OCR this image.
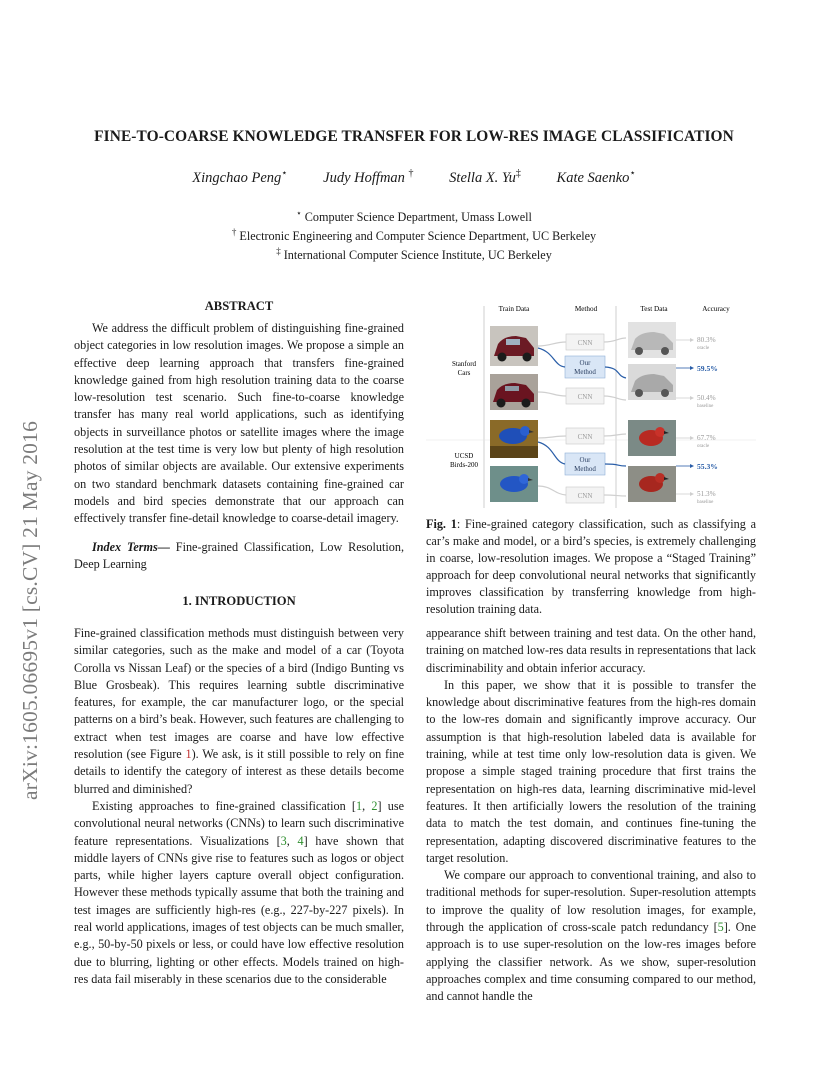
arXiv:1605.06695v1 [cs.CV] 21 May 2016
FINE-TO-COARSE KNOWLEDGE TRANSFER FOR LOW-RES IMAGE CLASSIFICATION
Xingchao Peng⋆ Judy Hoffman † Stella X. Yu‡ Kate Saenko⋆
⋆ Computer Science Department, Umass Lowell
† Electronic Engineering and Computer Science Department, UC Berkeley
‡ International Computer Science Institute, UC Berkeley
ABSTRACT

We address the difficult problem of distinguishing fine-grained object categories in low resolution images. We propose a simple an effective deep learning approach that transfers fine-grained knowledge gained from high resolution training data to the coarse low-resolution test scenario. Such fine-to-coarse knowledge transfer has many real world applications, such as identifying objects in surveillance photos or satellite images where the image resolution at the test time is very low but plenty of high resolution photos of similar objects are available. Our extensive experiments on two standard benchmark datasets containing fine-grained car models and bird species demonstrate that our approach can effectively transfer fine-detail knowledge to coarse-detail imagery.

Index Terms— Fine-grained Classification, Low Resolution, Deep Learning
1. INTRODUCTION

Fine-grained classification methods must distinguish between very similar categories, such as the make and model of a car (Toyota Corolla vs Nissan Leaf) or the species of a bird (Indigo Bunting vs Blue Grosbeak). This requires learning subtle discriminative features, for example, the car manufacturer logo, or the special patterns on a bird’s beak. However, such features are challenging to extract when test images are coarse and have low effective resolution (see Figure 1). We ask, is it still possible to rely on fine details to identify the category of interest as these details become blurred and diminished?

Existing approaches to fine-grained classification [1, 2] use convolutional neural networks (CNNs) to learn such discriminative feature representations. Visualizations [3, 4] have shown that middle layers of CNNs give rise to features such as logos or object parts, while higher layers capture overall object configuration. However these methods typically assume that both the training and test images are sufficiently high-res (e.g., 227-by-227 pixels). In real world applications, images of test objects can be much smaller, e.g., 50-by-50 pixels or less, or could have low effective resolution due to blurring, lighting or other effects. Models trained on high-res data fail miserably in these scenarios due to the considerable

Train Data	Method	Test Data	Accuracy
Stanford
Cars
UCSD
Birds-200
CNN
Our
Method
CNN
CNN
Our
Method
CNN
80.3%
oracle
59.5%
50.4%
baseline
67.7%
oracle
55.3%
51.3%
baseline
Fig. 1: Fine-grained category classification, such as classifying a car’s make and model, or a bird’s species, is extremely challenging in coarse, low-resolution images. We propose a “Staged Training” approach for deep convolutional neural networks that significantly improves classification by transferring knowledge from high-resolution training data.

appearance shift between training and test data. On the other hand, training on matched low-res data results in representations that lack discriminability and obtain inferior accuracy.

In this paper, we show that it is possible to transfer the knowledge about discriminative features from the high-res domain to the low-res domain and significantly improve accuracy. Our assumption is that high-resolution labeled data is available for training, while at test time only low-resolution data is given. We propose a simple staged training procedure that first trains the representation on high-res data, learning discriminative mid-level features. It then artificially lowers the resolution of the training data to match the test domain, and continues fine-tuning the representation, adapting discovered discriminative features to the target resolution.

We compare our approach to conventional training, and also to traditional methods for super-resolution. Super-resolution attempts to improve the quality of low resolution images, for example, through the application of cross-scale patch redundancy [5]. One approach is to use super-resolution on the low-res images before applying the classifier network. As we show, super-resolution approaches complex and time consuming compared to our method, and cannot handle the
